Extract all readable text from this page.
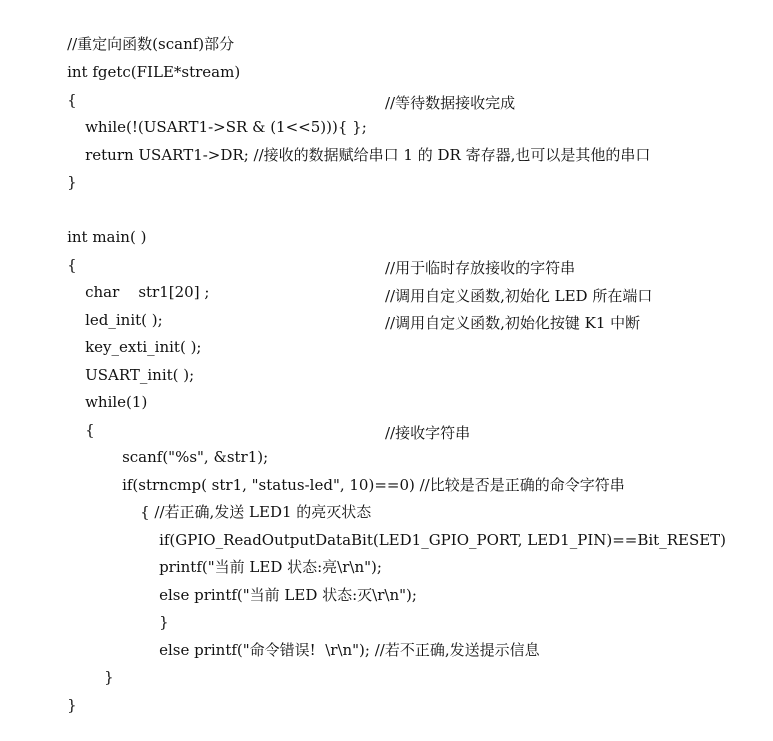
//重定向函数(scanf)部分

int fgetc(FILE*stream)

{

while(!(USART1->SR & (1<<5))){ };

//等待数据接收完成

return USART1->DR; //接收的数据赋给串口 1 的 DR 寄存器,也可以是其他的串口

}

int main( )

{

char    str1[20] ;

//用于临时存放接收的字符串

led_init( );

//调用自定义函数,初始化 LED 所在端口

key_exti_init( );

//调用自定义函数,初始化按键 K1 中断

USART_init( );

while(1)

{

scanf("%s", &str1);

//接收字符串

if(strncmp( str1, "status-led", 10)==0) //比较是否是正确的命令字符串

{ //若正确,发送 LED1 的亮灭状态

if(GPIO_ReadOutputDataBit(LED1_GPIO_PORT, LED1_PIN)==Bit_RESET)

printf("当前 LED 状态:亮\r\n");

else printf("当前 LED 状态:灭\r\n");

}

else printf("命令错误!  \r\n"); //若不正确,发送提示信息

}

}
